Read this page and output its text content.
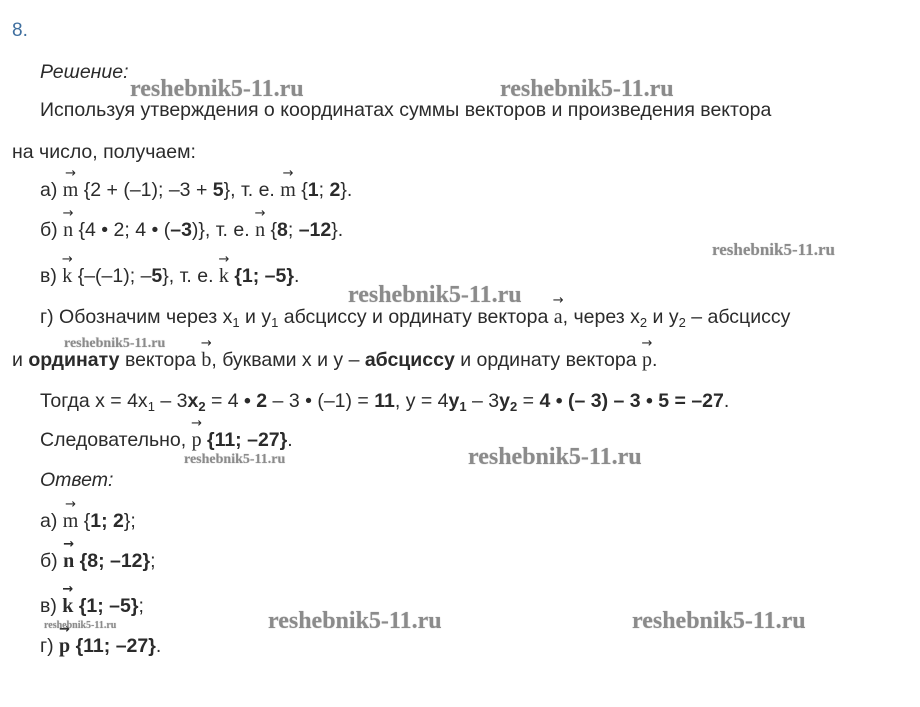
8.
Решение:
Используя утверждения о координатах суммы векторов и произведения вектора
на число, получаем:
а) → m {2 + (–1); –3 + 5}, т. е. → m {1; 2}.
б) → n {4 • 2; 4 • (–3)}, т. е. → n {8; –12}.
в) → k {–(–1); –5}, т. е. → k {1; –5}.
г) Обозначим через $x_1$ и $y_1$ абсциссу и ординату вектора → a, через $x_2$ и $y_2$ – абсциссу
и ординату вектора → b, буквами x и y – абсциссу и ординату вектора → p.
Тогда $x = 4x_1 - 3x_2 = 4$ • 2 – 3 • (–1) = 11, $y = 4y_1 - 3y_2 = 4$ • (– 3) – 3 • 5 = –27.
Следовательно, → p {11; –27}.
Ответ:
а) → m {1; 2};
б) → n {8; –12};
в) → k {1; –5};
г) → p {11; –27}.
reshebnik5-11.ru	reshebnik5-11.ru
reshebnik5-11.ru
reshebnik5-11.ru
reshebnik5-11.ru
reshebnik5-11.ru	reshebnik5-11.ru
reshebnik5-11.ru	reshebnik5-11.ru
reshebnik5-11.ru
